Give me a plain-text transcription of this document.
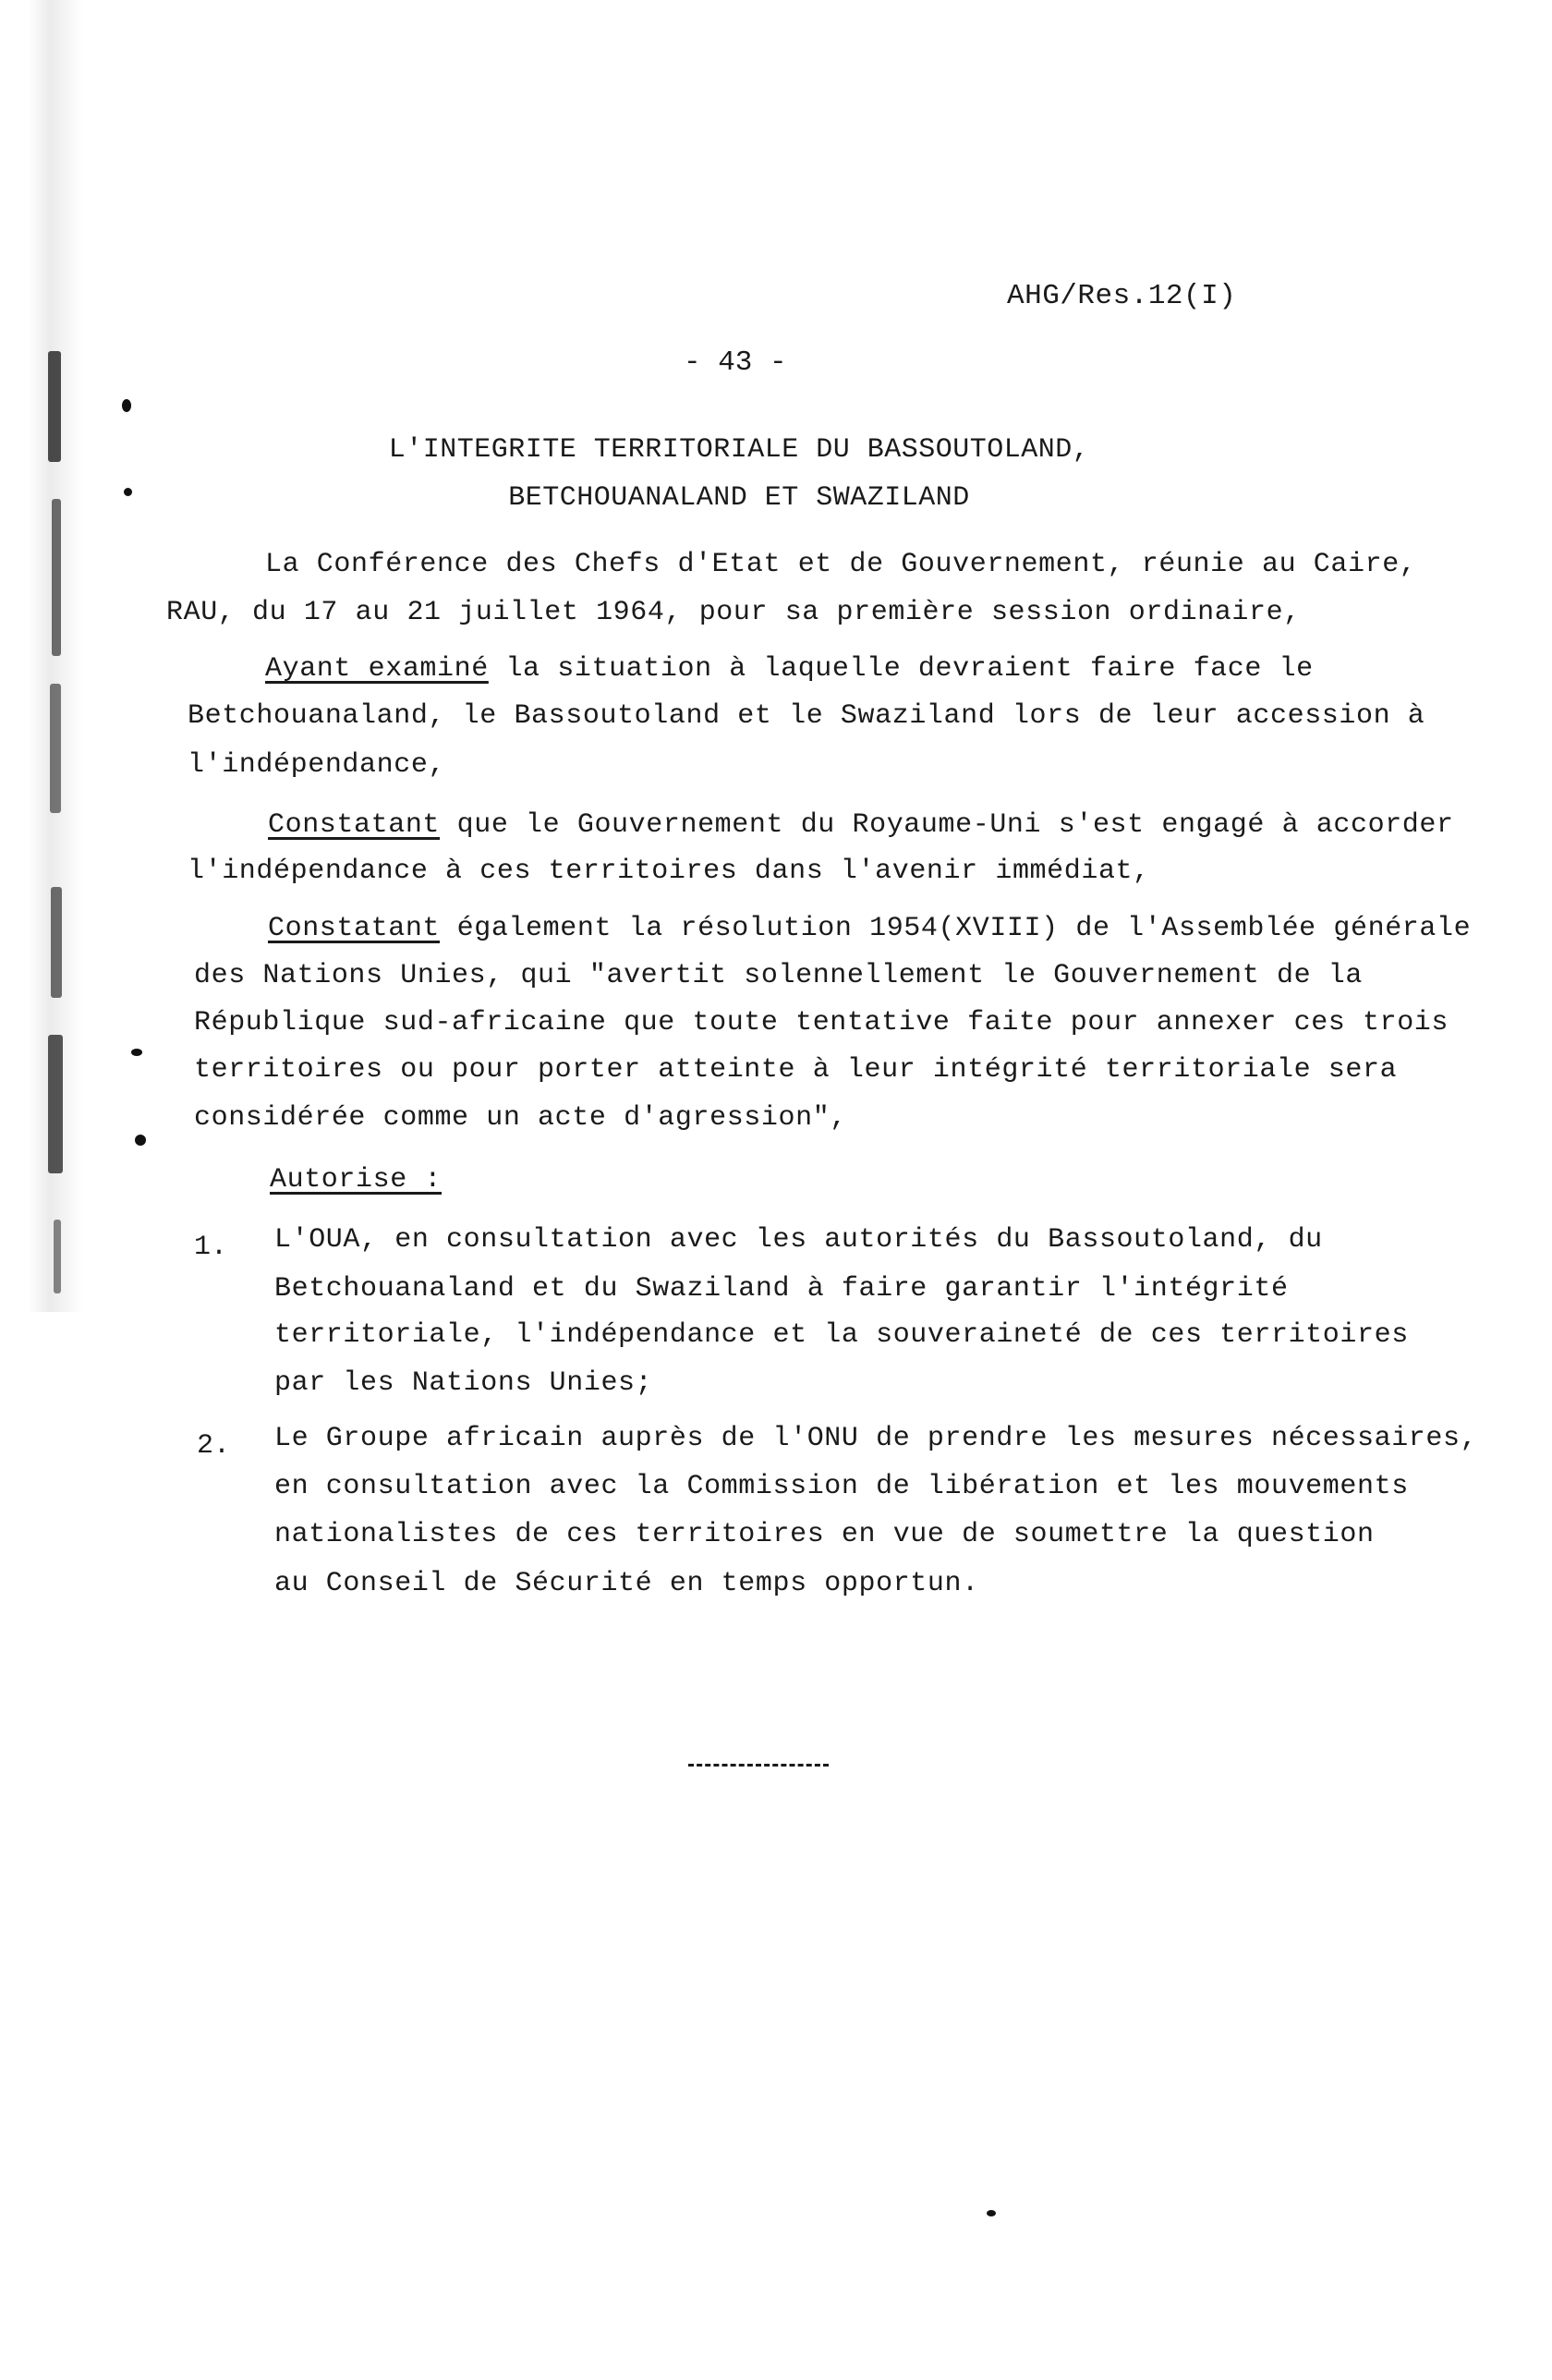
AHG/Res.12(I)
- 43 -
L'INTEGRITE TERRITORIALE DU BASSOUTOLAND,
BETCHOUANALAND ET SWAZILAND
La Conférence des Chefs d'Etat et de Gouvernement, réunie au Caire,
RAU, du 17 au 21 juillet 1964, pour sa première session ordinaire,
Ayant examiné la situation à laquelle devraient faire face le
Betchouanaland, le Bassoutoland et le Swaziland lors de leur accession à
l'indépendance,
Constatant que le Gouvernement du Royaume-Uni s'est engagé à accorder
l'indépendance à ces territoires dans l'avenir immédiat,
Constatant également la résolution 1954(XVIII) de l'Assemblée générale
des Nations Unies, qui "avertit solennellement le Gouvernement de la
République sud-africaine que toute tentative faite pour annexer ces trois
territoires ou pour porter atteinte à leur intégrité territoriale sera
considérée comme un acte d'agression",
Autorise :
1. L'OUA, en consultation avec les autorités du Bassoutoland, du
Betchouanaland et du Swaziland à faire garantir l'intégrité
territoriale, l'indépendance et la souveraineté de ces territoires
par les Nations Unies;
2. Le Groupe africain auprès de l'ONU de prendre les mesures nécessaires,
en consultation avec la Commission de libération et les mouvements
nationalistes de ces territoires en vue de soumettre la question
au Conseil de Sécurité en temps opportun.
